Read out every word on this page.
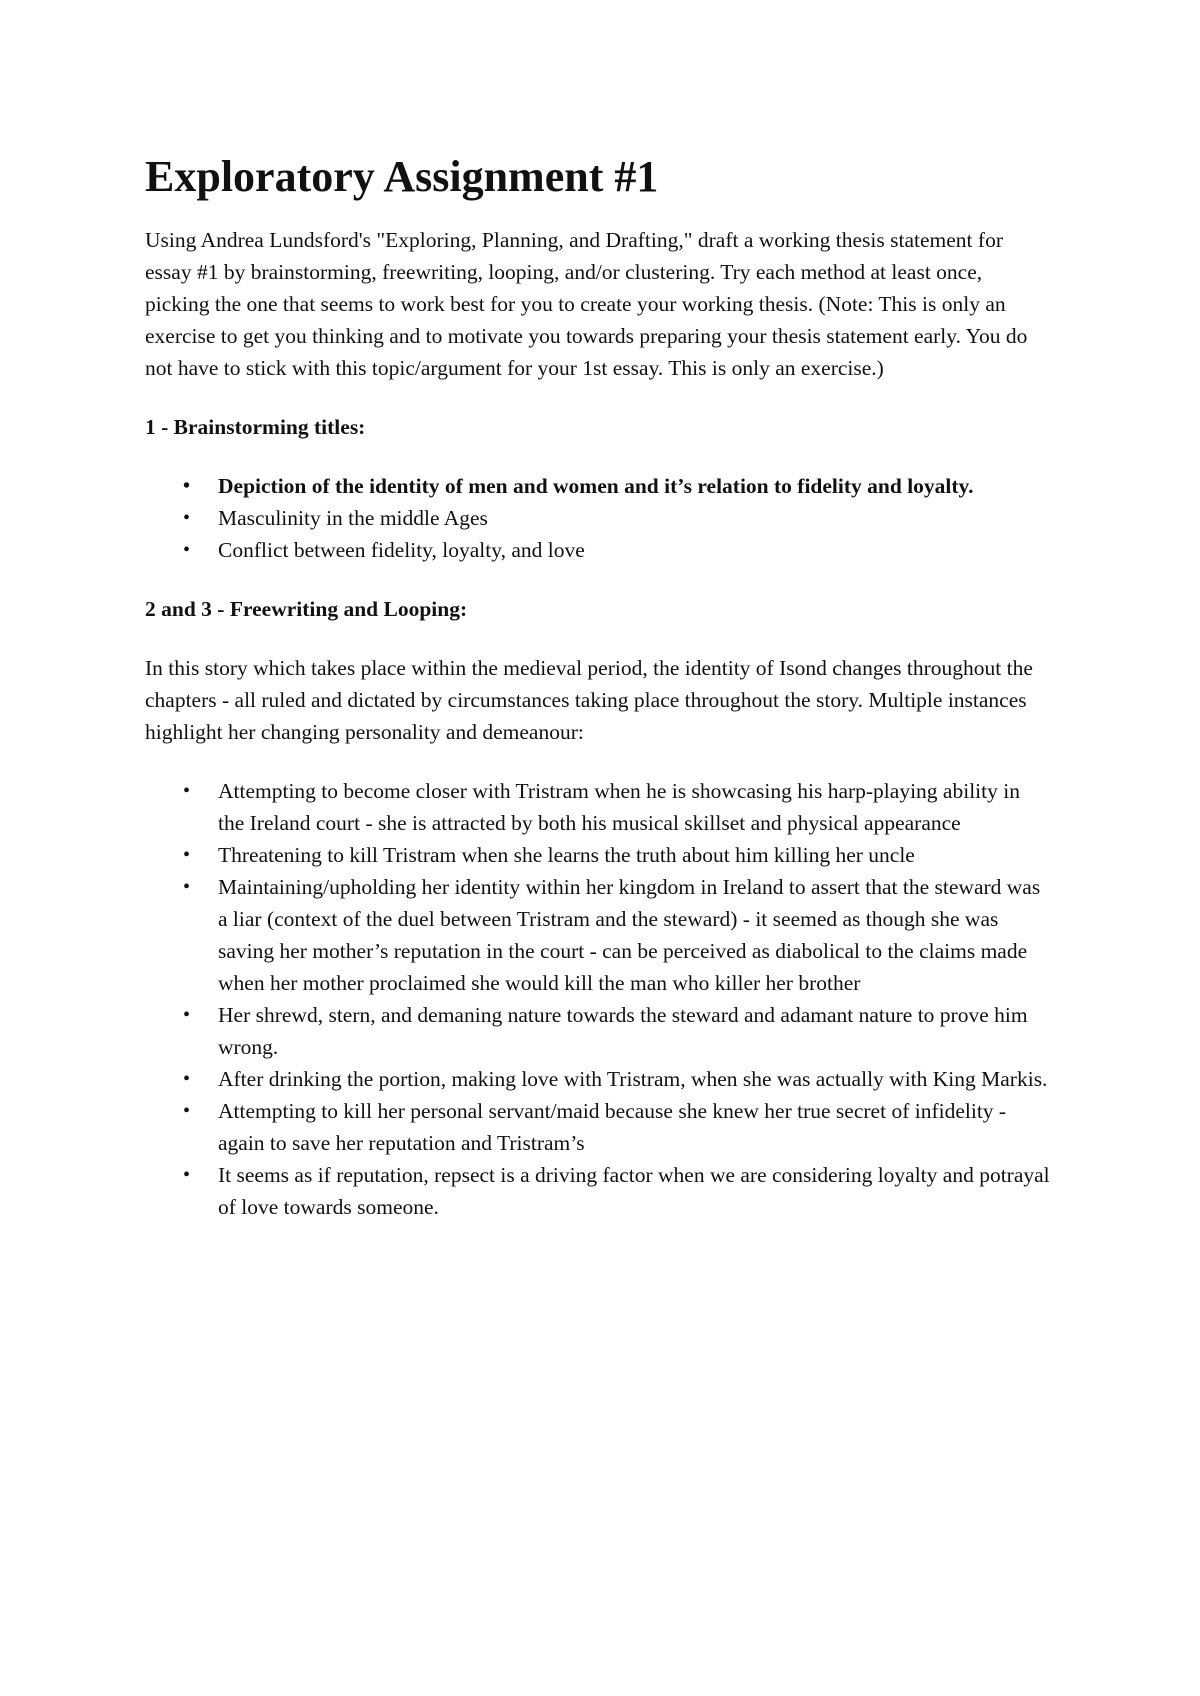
Exploratory Assignment #1

Using Andrea Lundsford's "Exploring, Planning, and Drafting," draft a working thesis statement for essay #1 by brainstorming, freewriting, looping, and/or clustering. Try each method at least once, picking the one that seems to work best for you to create your working thesis. (Note: This is only an exercise to get you thinking and to motivate you towards preparing your thesis statement early. You do not have to stick with this topic/argument for your 1st essay. This is only an exercise.)

1 - Brainstorming titles:

• Depiction of the identity of men and women and it’s relation to fidelity and loyalty.
• Masculinity in the middle Ages
• Conflict between fidelity, loyalty, and love

2 and 3 - Freewriting and Looping:

In this story which takes place within the medieval period, the identity of Isond changes throughout the chapters - all ruled and dictated by circumstances taking place throughout the story. Multiple instances highlight her changing personality and demeanour:

• Attempting to become closer with Tristram when he is showcasing his harp-playing ability in the Ireland court - she is attracted by both his musical skillset and physical appearance
• Threatening to kill Tristram when she learns the truth about him killing her uncle
• Maintaining/upholding her identity within her kingdom in Ireland to assert that the steward was a liar (context of the duel between Tristram and the steward) - it seemed as though she was saving her mother’s reputation in the court - can be perceived as diabolical to the claims made when her mother proclaimed she would kill the man who killer her brother
• Her shrewd, stern, and demaning nature towards the steward and adamant nature to prove him wrong.
• After drinking the portion, making love with Tristram, when she was actually with King Markis.
• Attempting to kill her personal servant/maid because she knew her true secret of infidelity - again to save her reputation and Tristram’s
• It seems as if reputation, repsect is a driving factor when we are considering loyalty and potrayal of love towards someone.
